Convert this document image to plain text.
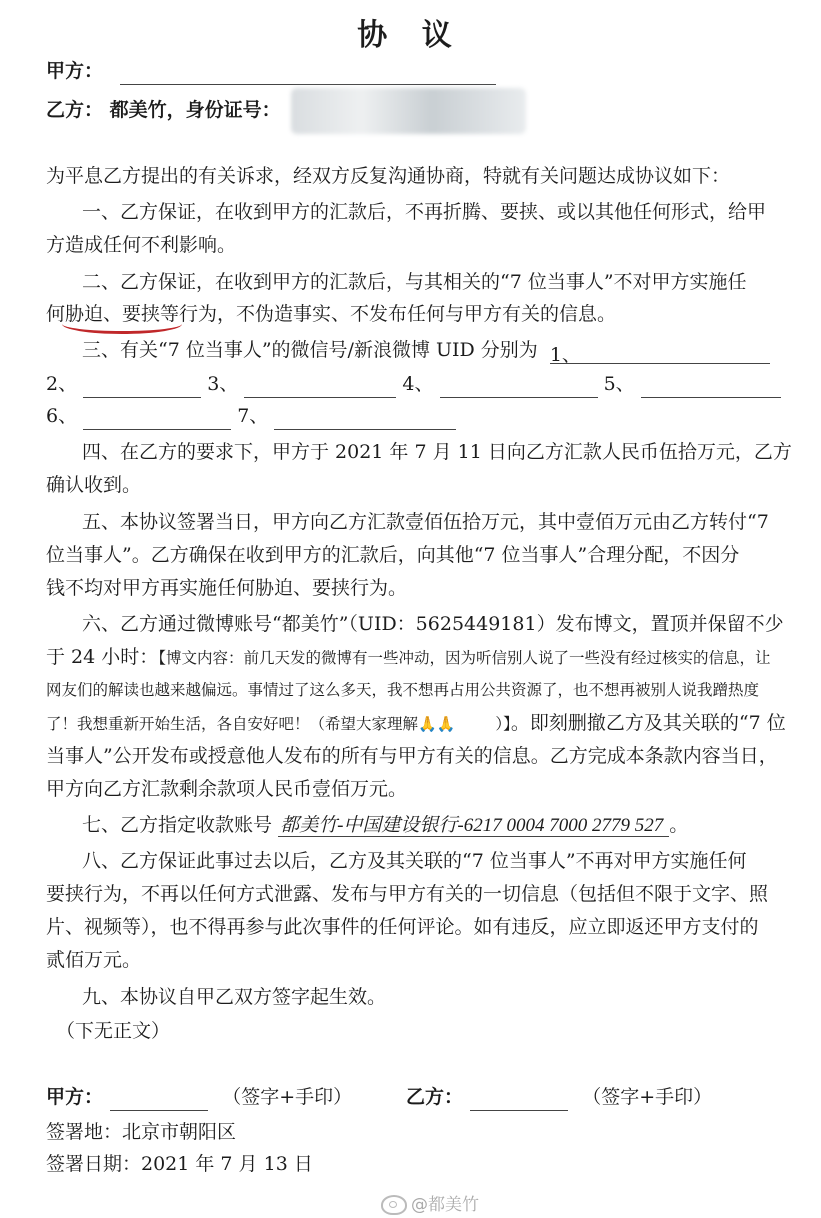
协 议
甲方：
乙方： 都美竹，身份证号：
为平息乙方提出的有关诉求，经双方反复沟通协商，特就有关问题达成协议如下：
一、乙方保证，在收到甲方的汇款后，不再折腾、要挟、或以其他任何形式，给甲
方造成任何不利影响。
二、乙方保证，在收到甲方的汇款后，与其相关的“7 位当事人”不对甲方实施任
何胁迫、要挟等行为，不伪造事实、不发布任何与甲方有关的信息。
三、有关“7 位当事人”的微信号/新浪微博 UID 分别为 1、
2、	3、	4、	5、
6、	7、
四、在乙方的要求下，甲方于 2021 年 7 月 11 日向乙方汇款人民币伍拾万元，乙方
确认收到。
五、本协议签署当日，甲方向乙方汇款壹佰伍拾万元，其中壹佰万元由乙方转付“7
位当事人”。乙方确保在收到甲方的汇款后，向其他“7 位当事人”合理分配，不因分
钱不均对甲方再实施任何胁迫、要挟行为。
六、乙方通过微博账号“都美竹”（UID：5625449181）发布博文，置顶并保留不少
于 24 小时：【博文内容：前几天发的微博有一些冲动，因为听信别人说了一些没有经过核实的信息，让
网友们的解读也越来越偏远。事情过了这么多天，我不想再占用公共资源了，也不想再被别人说我蹭热度
了！我想重新开始生活，各自安好吧！（希望大家理解🙏🙏	）】。即刻删撤乙方及其关联的“7 位
当事人”公开发布或授意他人发布的所有与甲方有关的信息。乙方完成本条款内容当日，
甲方向乙方汇款剩余款项人民币壹佰万元。
七、乙方指定收款账号 都美竹-中国建设银行-6217 0004 7000 2779 527 。
八、乙方保证此事过去以后，乙方及其关联的“7 位当事人”不再对甲方实施任何
要挟行为，不再以任何方式泄露、发布与甲方有关的一切信息（包括但不限于文字、照
片、视频等），也不得再参与此次事件的任何评论。如有违反，应立即返还甲方支付的
贰佰万元。
九、本协议自甲乙双方签字起生效。
（下无正文）
甲方：	（签字+手印）	乙方：	（签字+手印）
签署地：北京市朝阳区
签署日期：2021 年 7 月 13 日
@都美竹
